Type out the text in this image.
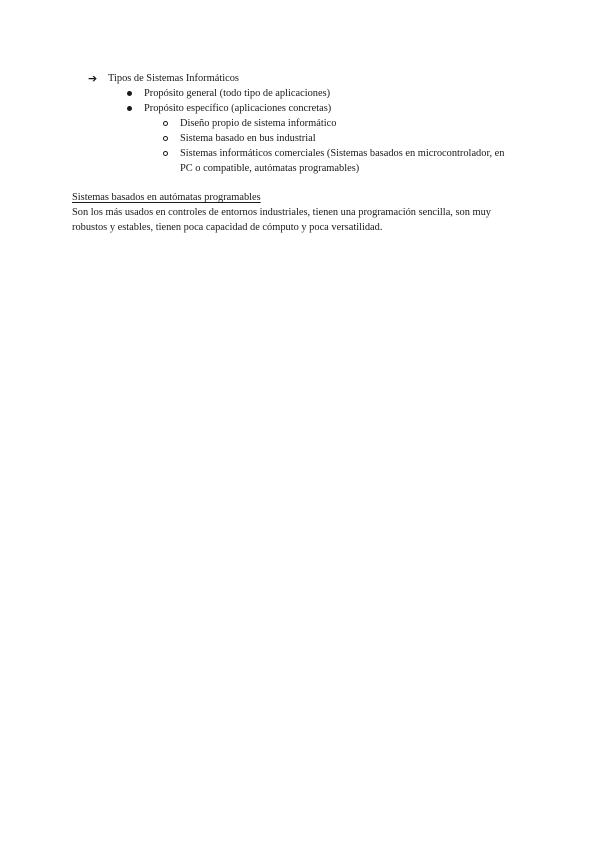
➔ Tipos de Sistemas Informáticos
Propósito general (todo tipo de aplicaciones)
Propósito específico (aplicaciones concretas)
Diseño propio de sistema informático
Sistema basado en bus industrial
Sistemas informáticos comerciales (Sistemas basados en microcontrolador, en
PC o compatible, autómatas programables)
Sistemas basados en autómatas programables
Son los más usados en controles de entornos industriales, tienen una programación sencilla, son muy
robustos y estables, tienen poca capacidad de cómputo y poca versatilidad.
